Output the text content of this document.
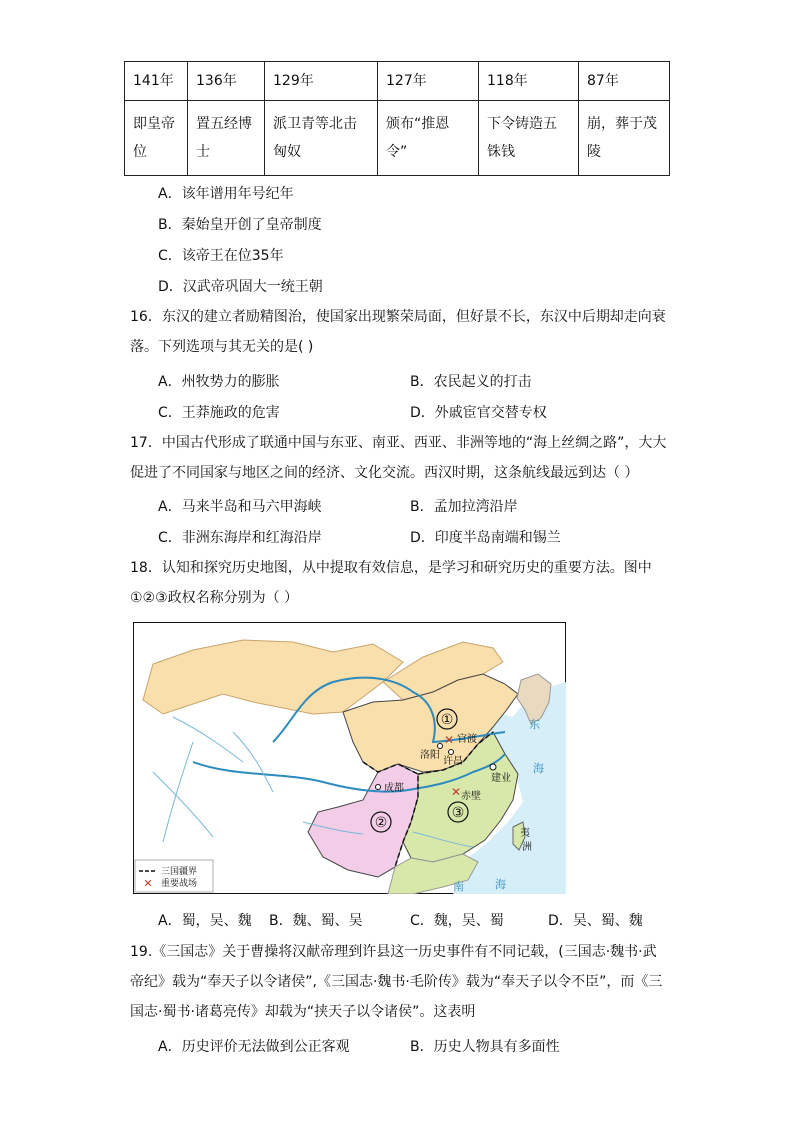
141年	136年	129年	127年	118年	87年
即皇帝位	置五经博士	派卫青等北击匈奴	颁布“推恩令”	下令铸造五铢钱	崩，葬于茂陵
A．该年谱用年号纪年
B．秦始皇开创了皇帝制度
C．该帝王在位35年
D．汉武帝巩固大一统王朝
16．东汉的建立者励精图治，使国家出现繁荣局面，但好景不长，东汉中后期却走向衰
落。下列选项与其无关的是( )
A．州牧势力的膨胀	B．农民起义的打击
C．王莽施政的危害	D．外戚宦官交替专权
17．中国古代形成了联通中国与东亚、南亚、西亚、非洲等地的“海上丝绸之路”，大大
促进了不同国家与地区之间的经济、文化交流。西汉时期，这条航线最远到达（ ）
A．马来半岛和马六甲海峡	B．孟加拉湾沿岸
C．非洲东海岸和红海沿岸	D．印度半岛南端和锡兰
18．认知和探究历史地图，从中提取有效信息，是学习和研究历史的重要方法。图中
①②③政权名称分别为（ ）
①
②
③
✕ 官渡
洛阳
许昌
建业
成都	✕ 赤壁
东
海
南	海
夷
洲
三国疆界
✕ 重要战场
A．蜀，吴、魏 B．魏、蜀、吴	C．魏，吴、蜀	D．吴、蜀、魏
19.《三国志》关于曹操将汉献帝理到许县这一历史事件有不同记载，(三国志·魏书·武
帝纪》载为“奉天子以令诸侯”,《三国志·魏书·毛阶传》载为“奉天子以令不臣”，而《三
国志·蜀书·诸葛亮传》却载为“挟天子以令诸侯”。这表明
A．历史评价无法做到公正客观	B．历史人物具有多面性
